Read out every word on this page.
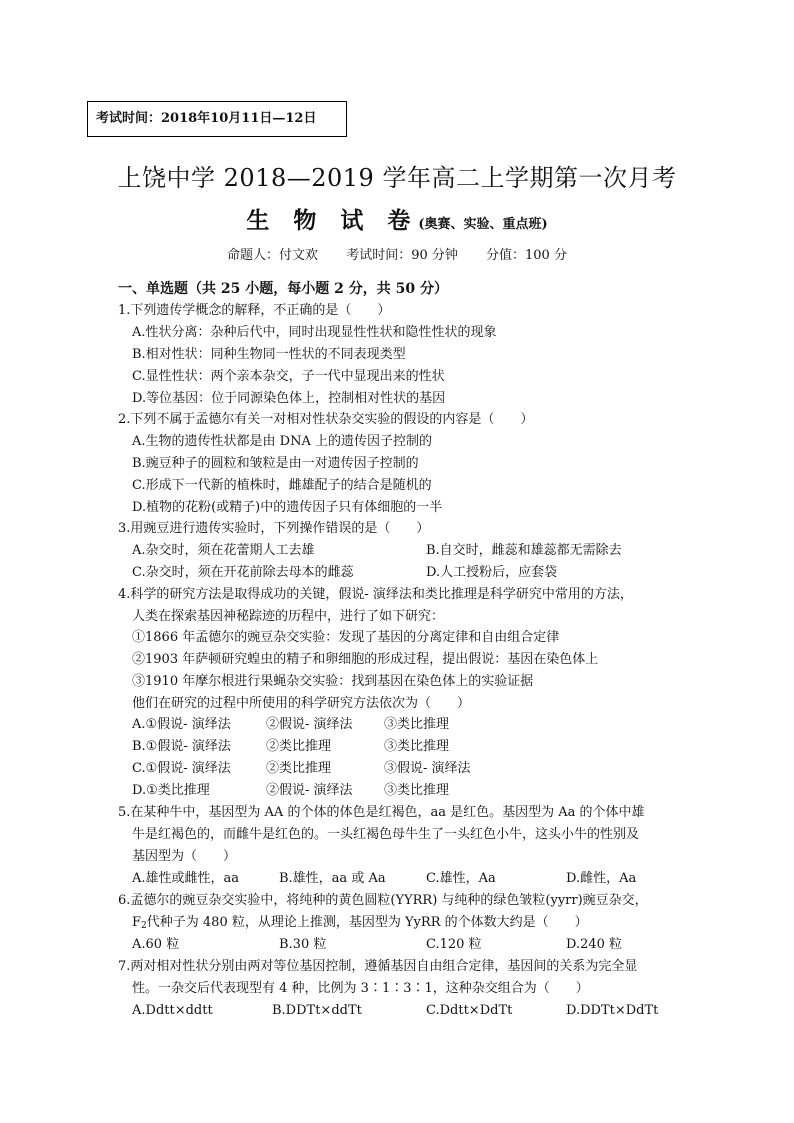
考试时间：2018年10月11日—12日
上饶中学 2018—2019 学年高二上学期第一次月考
生 物 试 卷(奥赛、实验、重点班)
命题人：付文欢 考试时间：90 分钟 分值：100 分
一、单选题（共 25 小题，每小题 2 分，共 50 分）
1.下列遗传学概念的解释，不正确的是（　　）
A.性状分离：杂种后代中，同时出现显性性状和隐性性状的现象
B.相对性状：同种生物同一性状的不同表现类型
C.显性性状：两个亲本杂交，子一代中显现出来的性状
D.等位基因：位于同源染色体上，控制相对性状的基因
2.下列不属于孟德尔有关一对相对性状杂交实验的假设的内容是（　　）
A.生物的遗传性状都是由 DNA 上的遗传因子控制的
B.豌豆种子的圆粒和皱粒是由一对遗传因子控制的
C.形成下一代新的植株时，雌雄配子的结合是随机的
D.植物的花粉(或精子)中的遗传因子只有体细胞的一半
3.用豌豆进行遗传实验时，下列操作错误的是（　　）
A.杂交时，须在花蕾期人工去雄	B.自交时，雌蕊和雄蕊都无需除去
C.杂交时，须在开花前除去母本的雌蕊	D.人工授粉后，应套袋
4.科学的研究方法是取得成功的关键，假说- 演绎法和类比推理是科学研究中常用的方法，
人类在探索基因神秘踪迹的历程中，进行了如下研究：
①1866 年孟德尔的豌豆杂交实验：发现了基因的分离定律和自由组合定律
②1903 年萨顿研究蝗虫的精子和卵细胞的形成过程，提出假说：基因在染色体上
③1910 年摩尔根进行果蝇杂交实验：找到基因在染色体上的实验证据
他们在研究的过程中所使用的科学研究方法依次为（　　）
A.①假说- 演绎法	②假说- 演绎法 ③类比推理
B.①假说- 演绎法	②类比推理	③类比推理
C.①假说- 演绎法	②类比推理	③假说- 演绎法
D.①类比推理	②假说- 演绎法 ③类比推理
5.在某种牛中，基因型为 AA 的个体的体色是红褐色，aa 是红色。基因型为 Aa 的个体中雄
牛是红褐色的，而雌牛是红色的。一头红褐色母牛生了一头红色小牛，这头小牛的性别及
基因型为（　　）
A.雄性或雌性，aa	B.雄性，aa 或 Aa	C.雄性，Aa	D.雌性，Aa
6.孟德尔的豌豆杂交实验中，将纯种的黄色圆粒(YYRR) 与纯种的绿色皱粒(yyrr)豌豆杂交，
F2代种子为 480 粒，从理论上推测，基因型为 YyRR 的个体数大约是（　　）
A.60 粒	B.30 粒	C.120 粒	D.240 粒
7.两对相对性状分别由两对等位基因控制，遵循基因自由组合定律，基因间的关系为完全显
性。一杂交后代表现型有 4 种，比例为 3∶1∶3∶1，这种杂交组合为（　　）
A.Ddtt×ddtt	B.DDTt×ddTt	C.Ddtt×DdTt	D.DDTt×DdTt
